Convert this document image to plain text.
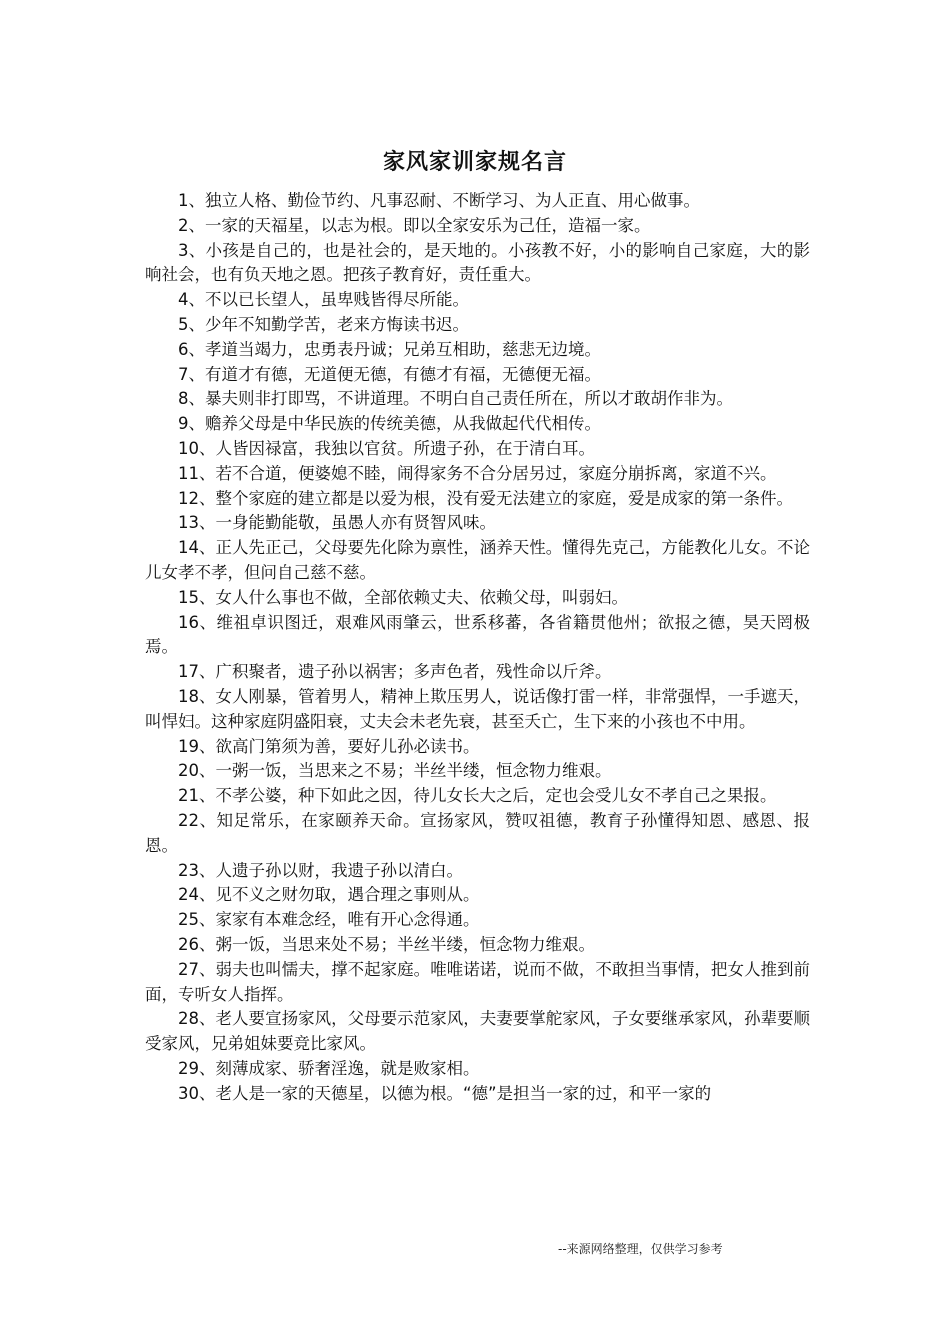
家风家训家规名言

1、独立人格、勤俭节约、凡事忍耐、不断学习、为人正直、用心做事。

2、一家的天福星，以志为根。即以全家安乐为己任，造福一家。

3、小孩是自己的，也是社会的，是天地的。小孩教不好，小的影响自己家庭，大的影响社会，也有负天地之恩。把孩子教育好，责任重大。

4、不以已长望人，虽卑贱皆得尽所能。

5、少年不知勤学苦，老来方悔读书迟。

6、孝道当竭力，忠勇表丹诚；兄弟互相助，慈悲无边境。

7、有道才有德，无道便无德，有德才有福，无德便无福。

8、暴夫则非打即骂，不讲道理。不明白自己责任所在，所以才敢胡作非为。

9、赡养父母是中华民族的传统美德，从我做起代代相传。

10、人皆因禄富，我独以官贫。所遗子孙，在于清白耳。

11、若不合道，便婆媳不睦，闹得家务不合分居另过，家庭分崩拆离，家道不兴。

12、整个家庭的建立都是以爱为根，没有爱无法建立的家庭，爱是成家的第一条件。

13、一身能勤能敬，虽愚人亦有贤智风味。

14、正人先正己，父母要先化除为禀性，涵养天性。懂得先克己，方能教化儿女。不论儿女孝不孝，但问自己慈不慈。

15、女人什么事也不做，全部依赖丈夫、依赖父母，叫弱妇。

16、维祖卓识图迁，艰难风雨肇云，世系移蕃，各省籍贯他州；欲报之德，昊天罔极焉。

17、广积聚者，遗子孙以祸害；多声色者，残性命以斤斧。

18、女人刚暴，管着男人，精神上欺压男人，说话像打雷一样，非常强悍，一手遮天，叫悍妇。这种家庭阴盛阳衰，丈夫会未老先衰，甚至夭亡，生下来的小孩也不中用。

19、欲高门第须为善，要好儿孙必读书。

20、一粥一饭，当思来之不易；半丝半缕，恒念物力维艰。

21、不孝公婆，种下如此之因，待儿女长大之后，定也会受儿女不孝自己之果报。

22、知足常乐，在家颐养天命。宣扬家风，赞叹祖德，教育子孙懂得知恩、感恩、报恩。

23、人遗子孙以财，我遗子孙以清白。

24、见不义之财勿取，遇合理之事则从。

25、家家有本难念经，唯有开心念得通。

26、粥一饭，当思来处不易；半丝半缕，恒念物力维艰。

27、弱夫也叫懦夫，撑不起家庭。唯唯诺诺，说而不做，不敢担当事情，把女人推到前面，专听女人指挥。

28、老人要宣扬家风，父母要示范家风，夫妻要掌舵家风，子女要继承家风，孙辈要顺受家风，兄弟姐妹要竞比家风。

29、刻薄成家、骄奢淫逸，就是败家相。

30、老人是一家的天德星，以德为根。“德”是担当一家的过，和平一家的

--来源网络整理，仅供学习参考
